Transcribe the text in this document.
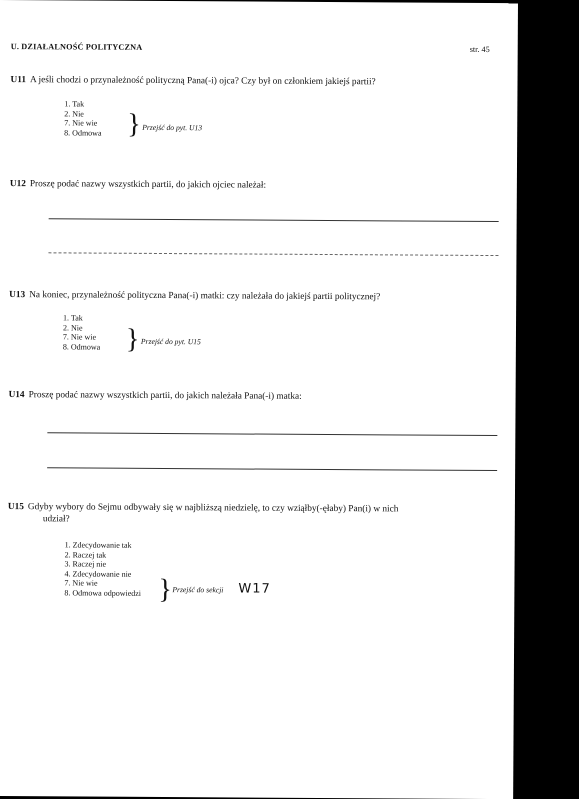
U. DZIAŁALNOŚĆ POLITYCZNA	str. 45
U11 A jeśli chodzi o przynależność polityczną Pana(-i) ojca? Czy był on członkiem jakiejś partii?
1. Tak
2. Nie
7. Nie wie
8. Odmowa } Przejść do pyt. U13
U12 Proszę podać nazwy wszystkich partii, do jakich ojciec należał:
U13 Na koniec, przynależność polityczna Pana(-i) matki: czy należała do jakiejś partii politycznej?
1. Tak
2. Nie
7. Nie wie
8. Odmowa } Przejść do pyt. U15
U14 Proszę podać nazwy wszystkich partii, do jakich należała Pana(-i) matka:
U15 Gdyby wybory do Sejmu odbywały się w najbliższą niedzielę, to czy wziąłby(-ęłaby) Pan(i) w nich
udział?
1. Zdecydowanie tak
2. Raczej tak
3. Raczej nie
4. Zdecydowanie nie
7. Nie wie
8. Odmowa odpowiedzi } Przejść do sekcji W17
